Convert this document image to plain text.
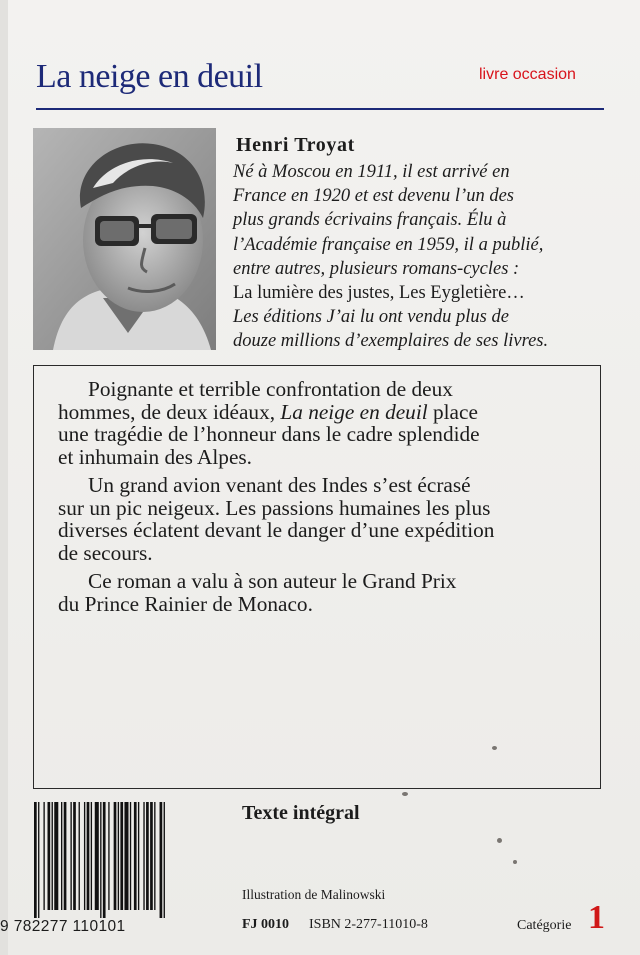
La neige en deuil	livre occasion
Henri Troyat
Né à Moscou en 1911, il est arrivé en
France en 1920 et est devenu l’un des
plus grands écrivains français. Élu à
l’Académie française en 1959, il a publié,
entre autres, plusieurs romans-cycles :
La lumière des justes, Les Eygletière…
Les éditions J’ai lu ont vendu plus de
douze millions d’exemplaires de ses livres.

Poignante et terrible confrontation de deux
hommes, de deux idéaux, La neige en deuil place
une tragédie de l’honneur dans le cadre splendide
et inhumain des Alpes.

Un grand avion venant des Indes s’est écrasé
sur un pic neigeux. Les passions humaines les plus
diverses éclatent devant le danger d’une expédition
de secours.

Ce roman a valu à son auteur le Grand Prix
du Prince Rainier de Monaco.

9 782277 110101
Texte intégral
Illustration de Malinowski
FJ 0010 ISBN 2-277-11010-8	Catégorie 1
